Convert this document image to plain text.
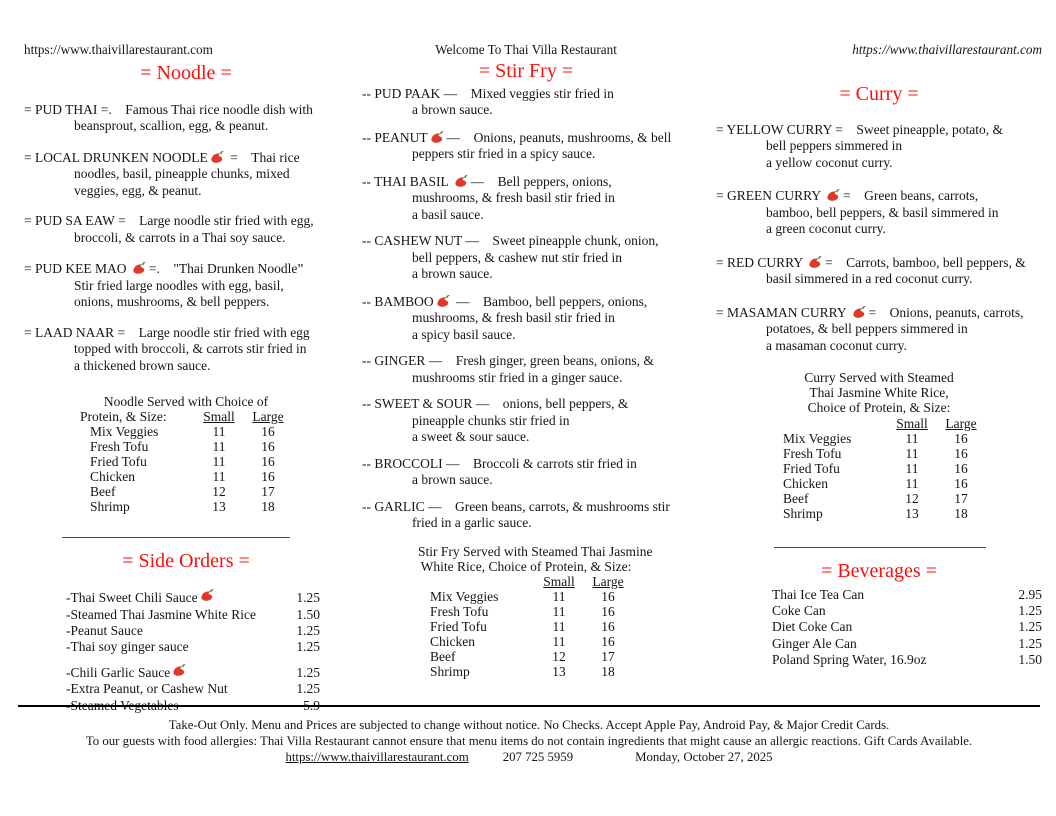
https://www.thaivillarestaurant.com
= Noodle =
= PUD THAI =.  Famous Thai rice noodle dish with
beansprout, scallion, egg, & peanut.
= LOCAL DRUNKEN NOODLE =  Thai rice
noodles, basil, pineapple chunks, mixed
veggies, egg, & peanut.
= PUD SA EAW =  Large noodle stir fried with egg,
broccoli, & carrots in a Thai soy sauce.
= PUD KEE MAO =.  "Thai Drunken Noodle”
Stir fried large noodles with egg, basil,
onions, mushrooms, & bell peppers.
= LAAD NAAR =  Large noodle stir fried with egg
topped with broccoli, & carrots stir fried in
a thickened brown sauce.
Noodle Served with Choice of
Protein, & Size:	Small	Large
Mix Veggies	11	16
Fresh Tofu	11	16
Fried Tofu	11	16
Chicken	11	16
Beef	12	17
Shrimp	13	18
= Side Orders =
-Thai Sweet Chili Sauce	1.25
-Steamed Thai Jasmine White Rice	1.50
-Peanut Sauce	1.25
-Thai soy ginger sauce	1.25
-Chili Garlic Sauce	1.25
-Extra Peanut, or Cashew Nut	1.25
-Steamed Vegetables	5.9
Welcome To Thai Villa Restaurant
= Stir Fry =
-- PUD PAAK —  Mixed veggies stir fried in
a brown sauce.
-- PEANUT —  Onions, peanuts, mushrooms, & bell
peppers stir fried in a spicy sauce.
-- THAI BASIL —  Bell peppers, onions,
mushrooms, & fresh basil stir fried in
a basil sauce.
-- CASHEW NUT —  Sweet pineapple chunk, onion,
bell peppers, & cashew nut stir fried in
a brown sauce.
-- BAMBOO —  Bamboo, bell peppers, onions,
mushrooms, & fresh basil stir fried in
a spicy basil sauce.
-- GINGER —  Fresh ginger, green beans, onions, &
mushrooms stir fried in a ginger sauce.
-- SWEET & SOUR —  onions, bell peppers, &
pineapple chunks stir fried in
a sweet & sour sauce.
-- BROCCOLI —  Broccoli & carrots stir fried in
a brown sauce.
-- GARLIC —  Green beans, carrots, & mushrooms stir
fried in a garlic sauce.
Stir Fry Served with Steamed Thai Jasmine
White Rice, Choice of Protein, & Size:
Small	Large
Mix Veggies	11	16
Fresh Tofu	11	16
Fried Tofu	11	16
Chicken	11	16
Beef	12	17
Shrimp	13	18
https://www.thaivillarestaurant.com
= Curry =
= YELLOW CURRY =  Sweet pineapple, potato, &
bell peppers simmered in
a yellow coconut curry.
= GREEN CURRY =  Green beans, carrots,
bamboo, bell peppers, & basil simmered in
a green coconut curry.
= RED CURRY =  Carrots, bamboo, bell peppers, &
basil simmered in a red coconut curry.
= MASAMAN CURRY =  Onions, peanuts, carrots,
potatoes, & bell peppers simmered in
a masaman coconut curry.
Curry Served with Steamed
Thai Jasmine White Rice,
Choice of Protein, & Size:
Small	Large
Mix Veggies	11	16
Fresh Tofu	11	16
Fried Tofu	11	16
Chicken	11	16
Beef	12	17
Shrimp	13	18
= Beverages =
Thai Ice Tea Can	2.95
Coke Can	1.25
Diet Coke Can	1.25
Ginger Ale Can	1.25
Poland Spring Water, 16.9oz	1.50
Take-Out Only. Menu and Prices are subjected to change without notice. No Checks. Accept Apple Pay, Android Pay, & Major Credit Cards.
To our guests with food allergies: Thai Villa Restaurant cannot ensure that menu items do not contain ingredients that might cause an allergic reactions. Gift Cards Available.
https://www.thaivillarestaurant.com	207 725 5959	Monday, October 27, 2025
